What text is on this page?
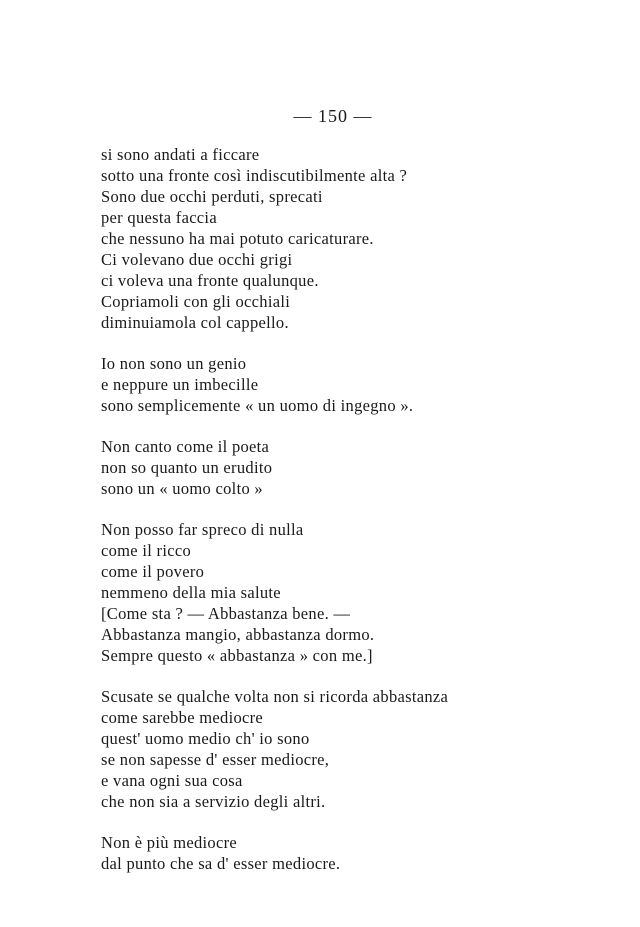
— 150 —
si sono andati a ficcare
sotto una fronte così indiscutibilmente alta ?
Sono due occhi perduti, sprecati
per questa faccia
che nessuno ha mai potuto caricaturare.
Ci volevano due occhi grigi
ci voleva una fronte qualunque.
Copriamoli con gli occhiali
diminuiamola col cappello.
Io non sono un genio
e neppure un imbecille
sono semplicemente « un uomo di ingegno ».
Non canto come il poeta
non so quanto un erudito
sono un « uomo colto »
Non posso far spreco di nulla
come il ricco
come il povero
nemmeno della mia salute
[Come sta ? — Abbastanza bene. —
Abbastanza mangio, abbastanza dormo.
Sempre questo « abbastanza » con me.]
Scusate se qualche volta non si ricorda abbastanza
come sarebbe mediocre
quest' uomo medio ch' io sono
se non sapesse d' esser mediocre,
e vana ogni sua cosa
che non sia a servizio degli altri.
Non è più mediocre
dal punto che sa d' esser mediocre.
